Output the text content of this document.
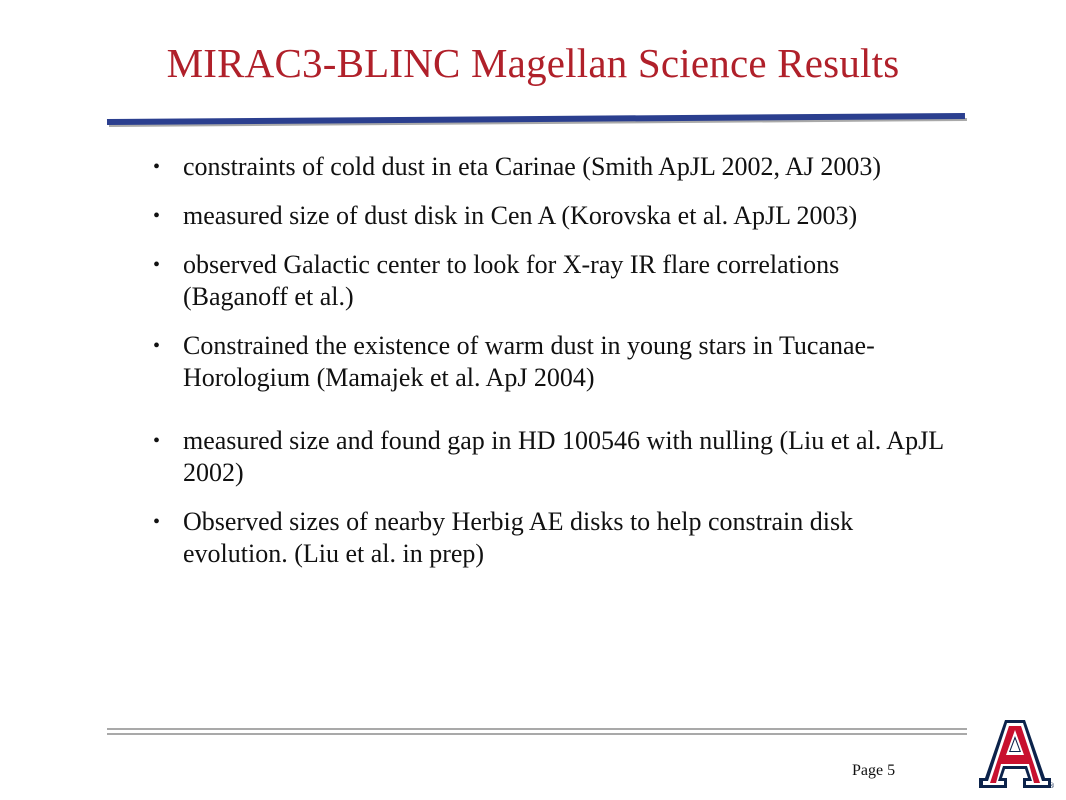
MIRAC3-BLINC Magellan Science Results
• constraints of cold dust in eta Carinae (Smith ApJL 2002, AJ 2003)
• measured size of dust disk in Cen A (Korovska et al. ApJL 2003)
• observed Galactic center to look for X-ray IR flare correlations (Baganoff et al.)
• Constrained the existence of warm dust in young stars in Tucanae-Horologium (Mamajek et al. ApJ 2004)
• measured size and found gap in HD 100546 with nulling (Liu et al. ApJL 2002)
• Observed sizes of nearby Herbig AE disks to help constrain disk evolution. (Liu et al. in prep)
Page 5
®
